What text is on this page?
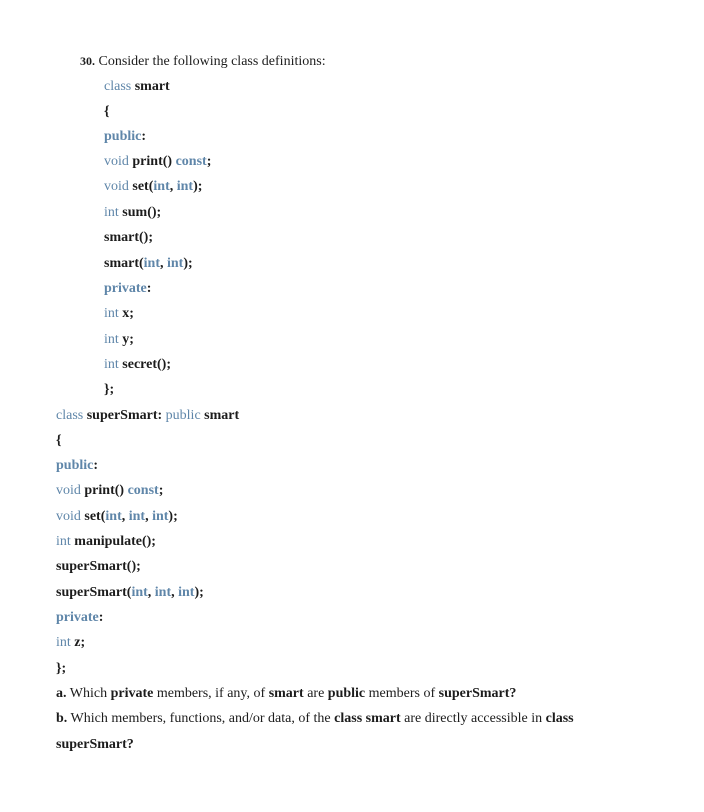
30. Consider the following class definitions:
class smart
{
public:
void print() const;
void set(int, int);
int sum();
smart();
smart(int, int);
private:
int x;
int y;
int secret();
};
class superSmart: public smart
{
public:
void print() const;
void set(int, int, int);
int manipulate();
superSmart();
superSmart(int, int, int);
private:
int z;
};
a. Which private members, if any, of smart are public members of superSmart?
b. Which members, functions, and/or data, of the class smart are directly accessible in class
superSmart?
